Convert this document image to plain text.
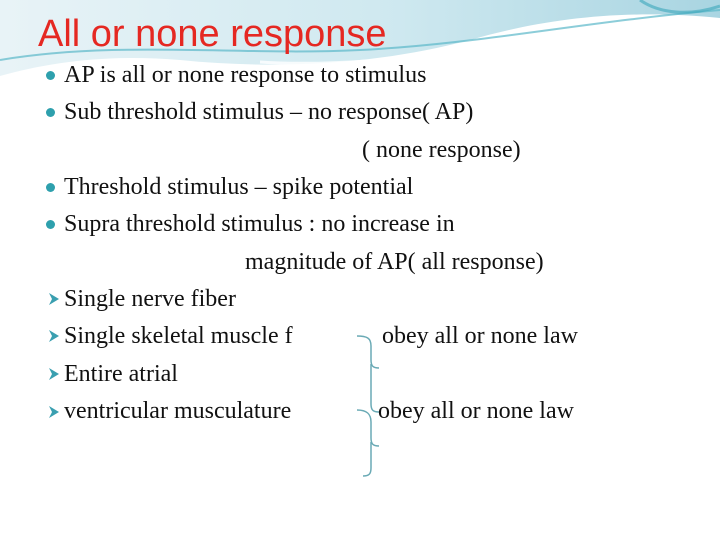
All or none response
AP is all or none response to stimulus
Sub threshold stimulus – no response( AP)
( none response)
Threshold stimulus – spike potential
Supra threshold stimulus : no increase in
magnitude of AP( all response)
Single nerve fiber
Single skeletal muscle f
Entire atrial
ventricular musculature
obey all or none law
obey all or none law
